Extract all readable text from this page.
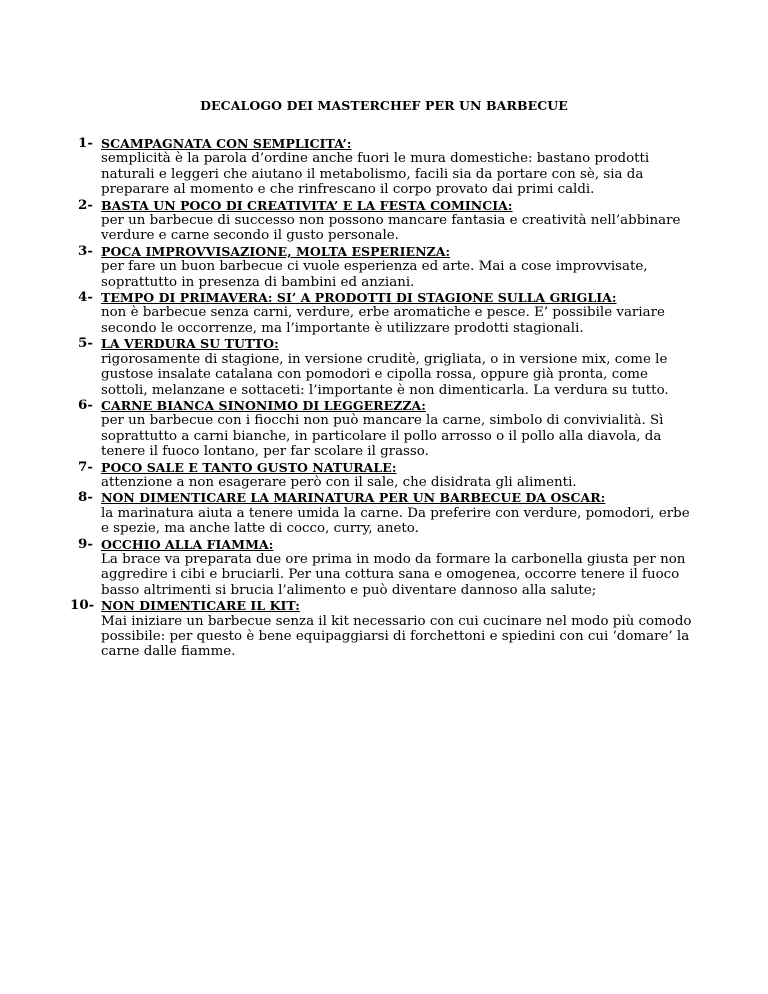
DECALOGO DEI MASTERCHEF PER UN BARBECUE
1- SCAMPAGNATA CON SEMPLICITA’:

semplicità è la parola d’ordine anche fuori le mura domestiche: bastano prodotti naturali e leggeri che aiutano il metabolismo, facili sia da portare con sè, sia da preparare al momento e che rinfrescano il corpo provato dai primi caldi.

2- BASTA UN POCO DI CREATIVITA’ E LA FESTA COMINCIA:

per un barbecue di successo non possono mancare fantasia e creatività nell’abbinare verdure e carne secondo il gusto personale.

3- POCA IMPROVVISAZIONE, MOLTA ESPERIENZA:

per fare un buon barbecue ci vuole esperienza ed arte. Mai a cose improvvisate, soprattutto in presenza di bambini ed anziani.

4- TEMPO DI PRIMAVERA: SI’ A PRODOTTI DI STAGIONE SULLA GRIGLIA:

non è barbecue senza carni, verdure, erbe aromatiche e pesce. E’ possibile variare secondo le occorrenze, ma l’importante è utilizzare prodotti stagionali.

5- LA VERDURA SU TUTTO:

rigorosamente di stagione, in versione cruditè, grigliata, o in versione mix, come le gustose insalate catalana con pomodori e cipolla rossa, oppure già pronta, come sottoli, melanzane e sottaceti: l’importante è non dimenticarla. La verdura su tutto.

6- CARNE BIANCA SINONIMO DI LEGGEREZZA:

per un barbecue con i fiocchi non può mancare la carne, simbolo di convivialità. Sì soprattutto a carni bianche, in particolare il pollo arrosso o il pollo alla diavola, da tenere il fuoco lontano, per far scolare il grasso.

7- POCO SALE E TANTO GUSTO NATURALE:

attenzione a non esagerare però con il sale, che disidrata gli alimenti.

8- NON DIMENTICARE LA MARINATURA PER UN BARBECUE DA OSCAR:

la marinatura aiuta a tenere umida la carne. Da preferire con verdure, pomodori, erbe e spezie, ma anche latte di cocco, curry, aneto.

9- OCCHIO ALLA FIAMMA:

La brace va preparata due ore prima in modo da formare la carbonella giusta per non aggredire i cibi e bruciarli. Per una cottura sana e omogenea, occorre tenere il fuoco basso altrimenti si brucia l’alimento e può diventare dannoso alla salute;

10- NON DIMENTICARE IL KIT:

Mai iniziare un barbecue senza il kit necessario con cui cucinare nel modo più comodo possibile: per questo è bene equipaggiarsi di forchettoni e spiedini con cui ‘domare’ la carne dalle fiamme.
